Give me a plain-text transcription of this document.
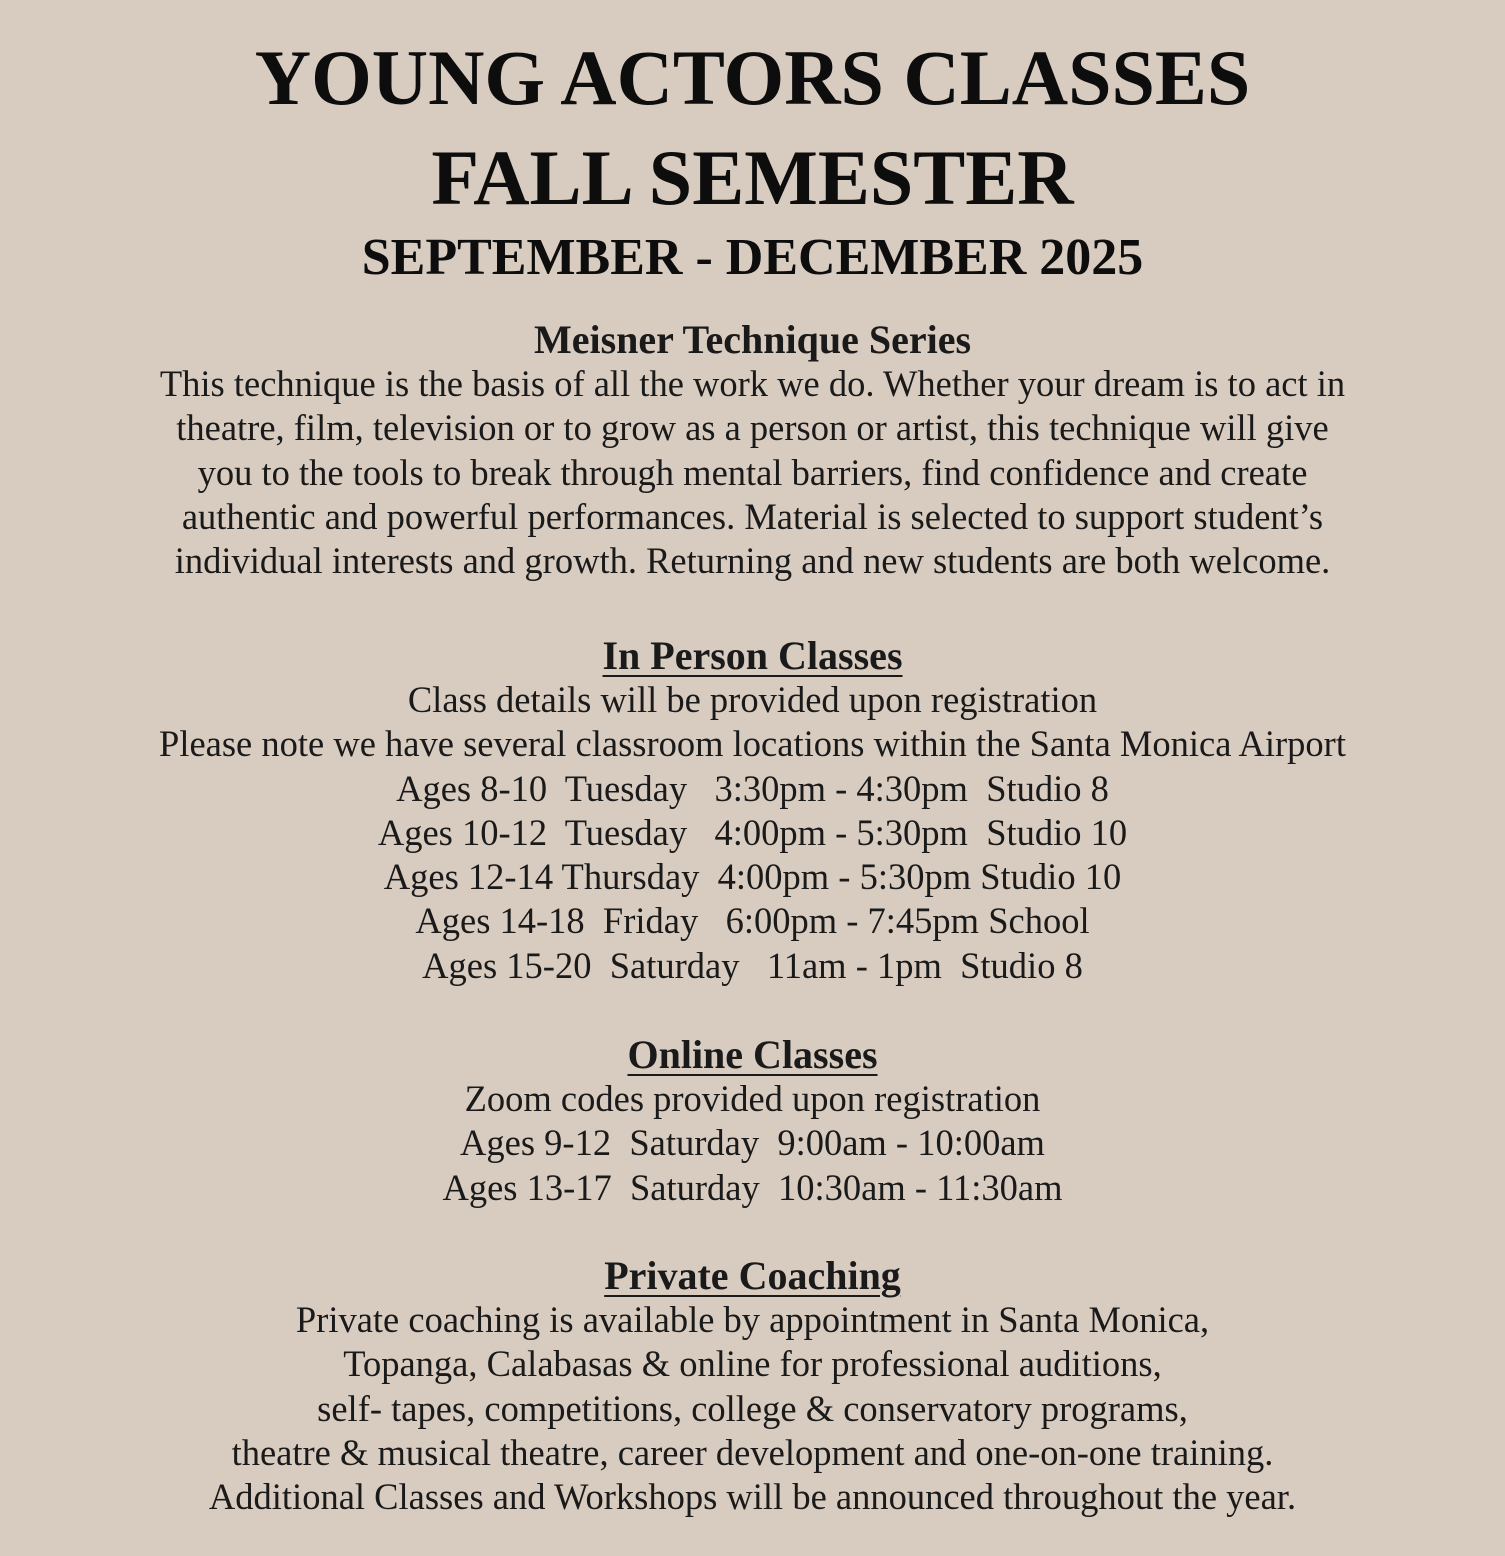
YOUNG ACTORS CLASSES
FALL SEMESTER
SEPTEMBER - DECEMBER 2025
Meisner Technique Series
This technique is the basis of all the work we do. Whether your dream is to act in
theatre, film, television or to grow as a person or artist, this technique will give
you to the tools to break through mental barriers, find confidence and create
authentic and powerful performances. Material is selected to support student’s
individual interests and growth. Returning and new students are both welcome.
In Person Classes
Class details will be provided upon registration
Please note we have several classroom locations within the Santa Monica Airport
Ages 8-10  Tuesday   3:30pm - 4:30pm  Studio 8
Ages 10-12  Tuesday   4:00pm - 5:30pm  Studio 10
Ages 12-14 Thursday  4:00pm - 5:30pm Studio 10
Ages 14-18  Friday   6:00pm - 7:45pm School
Ages 15-20  Saturday   11am - 1pm  Studio 8
Online Classes
Zoom codes provided upon registration
Ages 9-12  Saturday  9:00am - 10:00am
Ages 13-17  Saturday  10:30am - 11:30am
Private Coaching
Private coaching is available by appointment in Santa Monica,
Topanga, Calabasas & online for professional auditions,
self- tapes, competitions, college & conservatory programs,
theatre & musical theatre, career development and one-on-one training.
Additional Classes and Workshops will be announced throughout the year.
